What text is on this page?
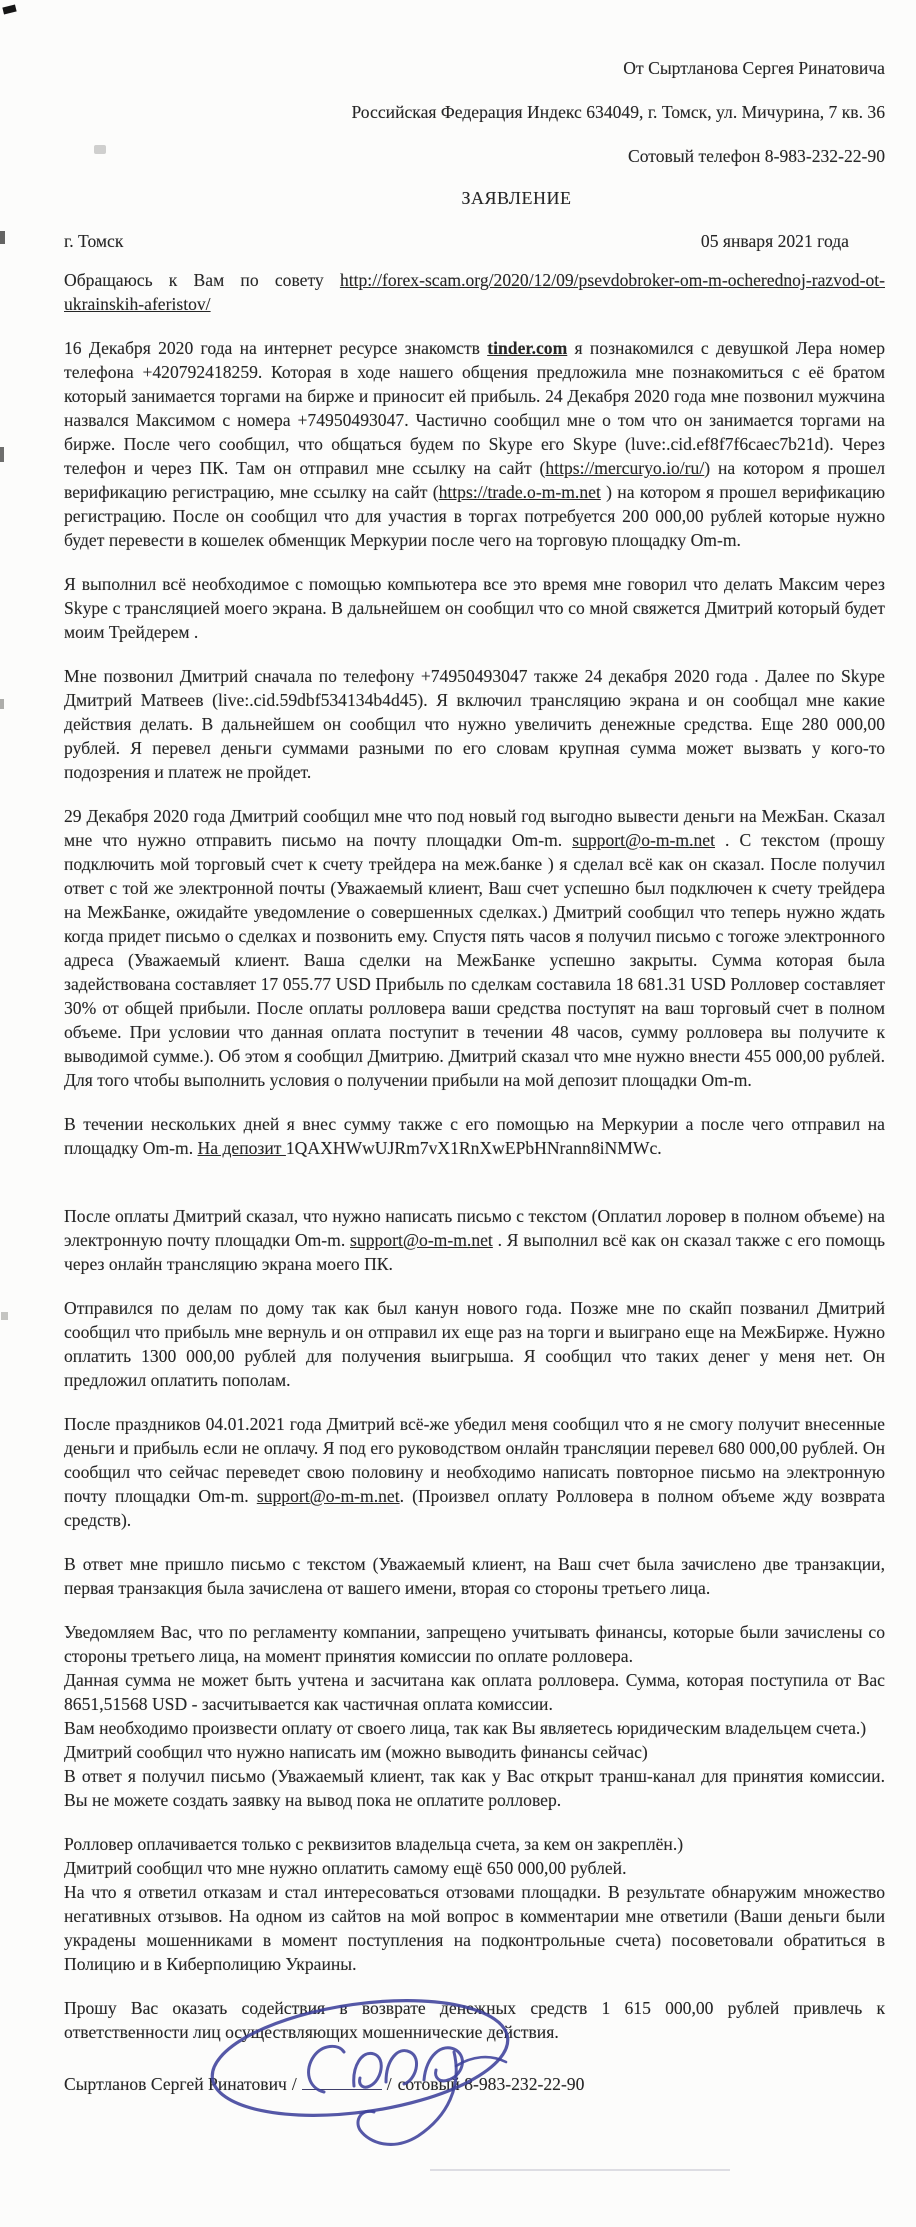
От Сыртланова Сергея Ринатовича
Российская Федерация Индекс 634049, г. Томск, ул. Мичурина, 7 кв. 36
Сотовый телефон 8-983-232-22-90
ЗАЯВЛЕНИЕ
г. Томск	05 января 2021 года

Обращаюсь к Вам по совету http://forex-scam.org/2020/12/09/psevdobroker-om-m-ocherednoj-razvod-ot-ukrainskih-aferistov/

16 Декабря 2020 года на интернет ресурсе знакомств tinder.com я познакомился с девушкой Лера номер телефона +420792418259. Которая в ходе нашего общения предложила мне познакомиться с её братом который занимается торгами на бирже и приносит ей прибыль. 24 Декабря 2020 года мне позвонил мужчина назвался Максимом с номера +74950493047. Частично сообщил мне о том что он занимается торгами на бирже. После чего сообщил, что общаться будем по Skype его Skype (luve:.cid.ef8f7f6caec7b21d). Через телефон и через ПК. Там он отправил мне ссылку на сайт (https://mercuryo.io/ru/) на котором я прошел верификацию регистрацию, мне ссылку на сайт (https://trade.o-m-m.net ) на котором я прошел верификацию регистрацию. После он сообщил что для участия в торгах потребуется 200 000,00 рублей которые нужно будет перевести в кошелек обменщик Меркурии после чего на торговую площадку Om-m.

Я выполнил всё необходимое с помощью компьютера все это время мне говорил что делать Максим через Skype с трансляцией моего экрана. В дальнейшем он сообщил что со мной свяжется Дмитрий который будет моим Трейдерем .

Мне позвонил Дмитрий сначала по телефону +74950493047 также 24 декабря 2020 года . Далее по Skype Дмитрий Матвеев (live:.cid.59dbf534134b4d45). Я включил трансляцию экрана и он сообщал мне какие действия делать. В дальнейшем он сообщил что нужно увеличить денежные средства. Еще 280 000,00 рублей. Я перевел деньги суммами разными по его словам крупная сумма может вызвать у кого-то подозрения и платеж не пройдет.

29 Декабря 2020 года Дмитрий сообщил мне что под новый год выгодно вывести деньги на МежБан. Сказал мне что нужно отправить письмо на почту площадки Om-m. support@o-m-m.net . С текстом (прошу подключить мой торговый счет к счету трейдера на меж.банке ) я сделал всё как он сказал. После получил ответ с той же электронной почты (Уважаемый клиент, Ваш счет успешно был подключен к счету трейдера на МежБанке, ожидайте уведомление о совершенных сделках.) Дмитрий сообщил что теперь нужно ждать когда придет письмо о сделках и позвонить ему. Спустя пять часов я получил письмо с тогоже электронного адреса (Уважаемый клиент. Ваша сделки на МежБанке успешно закрыты. Сумма которая была задействована составляет 17 055.77 USD Прибыль по сделкам составила 18 681.31 USD Ролловер составляет 30% от общей прибыли. После оплаты ролловера ваши средства поступят на ваш торговый счет в полном объеме. При условии что данная оплата поступит в течении 48 часов, сумму ролловера вы получите к выводимой сумме.). Об этом я сообщил Дмитрию. Дмитрий сказал что мне нужно внести 455 000,00 рублей. Для того чтобы выполнить условия о получении прибыли на мой депозит площадки Om-m.

В течении нескольких дней я внес сумму также с его помощью на Меркурии а после чего отправил на площадку Om-m. На депозит 1QAXHWwUJRm7vX1RnXwEPbHNrann8iNMWc.

После оплаты Дмитрий сказал, что нужно написать письмо с текстом (Оплатил лоровер в полном объеме) на электронную почту площадки Om-m. support@o-m-m.net . Я выполнил всё как он сказал также с его помощь через онлайн трансляцию экрана моего ПК.

Отправился по делам по дому так как был канун нового года. Позже мне по скайп позванил Дмитрий сообщил что прибыль мне вернуль и он отправил их еще раз на торги и выиграно еще на МежБирже. Нужно оплатить 1300 000,00 рублей для получения выигрыша. Я сообщил что таких денег у меня нет. Он предложил оплатить пополам.

После праздников 04.01.2021 года Дмитрий всё-же убедил меня сообщил что я не смогу получит внесенные деньги и прибыль если не оплачу. Я под его руководством онлайн трансляции перевел 680 000,00 рублей. Он сообщил что сейчас переведет свою половину и необходимо написать повторное письмо на электронную почту площадки Om-m. support@o-m-m.net. (Произвел оплату Ролловера в полном объеме жду возврата средств).

В ответ мне пришло письмо с текстом (Уважаемый клиент, на Ваш счет была зачислено две транзакции, первая транзакция была зачислена от вашего имени, вторая со стороны третьего лица.

Уведомляем Вас, что по регламенту компании, запрещено учитывать финансы, которые были зачислены со стороны третьего лица, на момент принятия комиссии по оплате ролловера.

Данная сумма не может быть учтена и засчитана как оплата ролловера. Сумма, которая поступила от Вас 8651,51568 USD - засчитывается как частичная оплата комиссии.

Вам необходимо произвести оплату от своего лица, так как Вы являетесь юридическим владельцем счета.)

Дмитрий сообщил что нужно написать им (можно выводить финансы сейчас)

В ответ я получил письмо (Уважаемый клиент, так как у Вас открыт транш-канал для принятия комиссии. Вы не можете создать заявку на вывод пока не оплатите ролловер.

Ролловер оплачивается только с реквизитов владельца счета, за кем он закреплён.)

Дмитрий сообщил что мне нужно оплатить самому ещё 650 000,00 рублей.

На что я ответил отказам и стал интересоваться отзовами площадки. В результате обнаружим множество негативных отзывов. На одном из сайтов на мой вопрос в комментарии мне ответили (Ваши деньги были украдены мошенниками в момент поступления на подконтрольные счета) посоветовали обратиться в Полицию и в Киберполицию Украины.

Прошу Вас оказать содействия в возврате денежных средств 1 615 000,00 рублей привлечь к ответственности лиц осуществляющих мошеннические действия.

Сыртланов Сергей Ринатович /	/ сотовый 8-983-232-22-90
